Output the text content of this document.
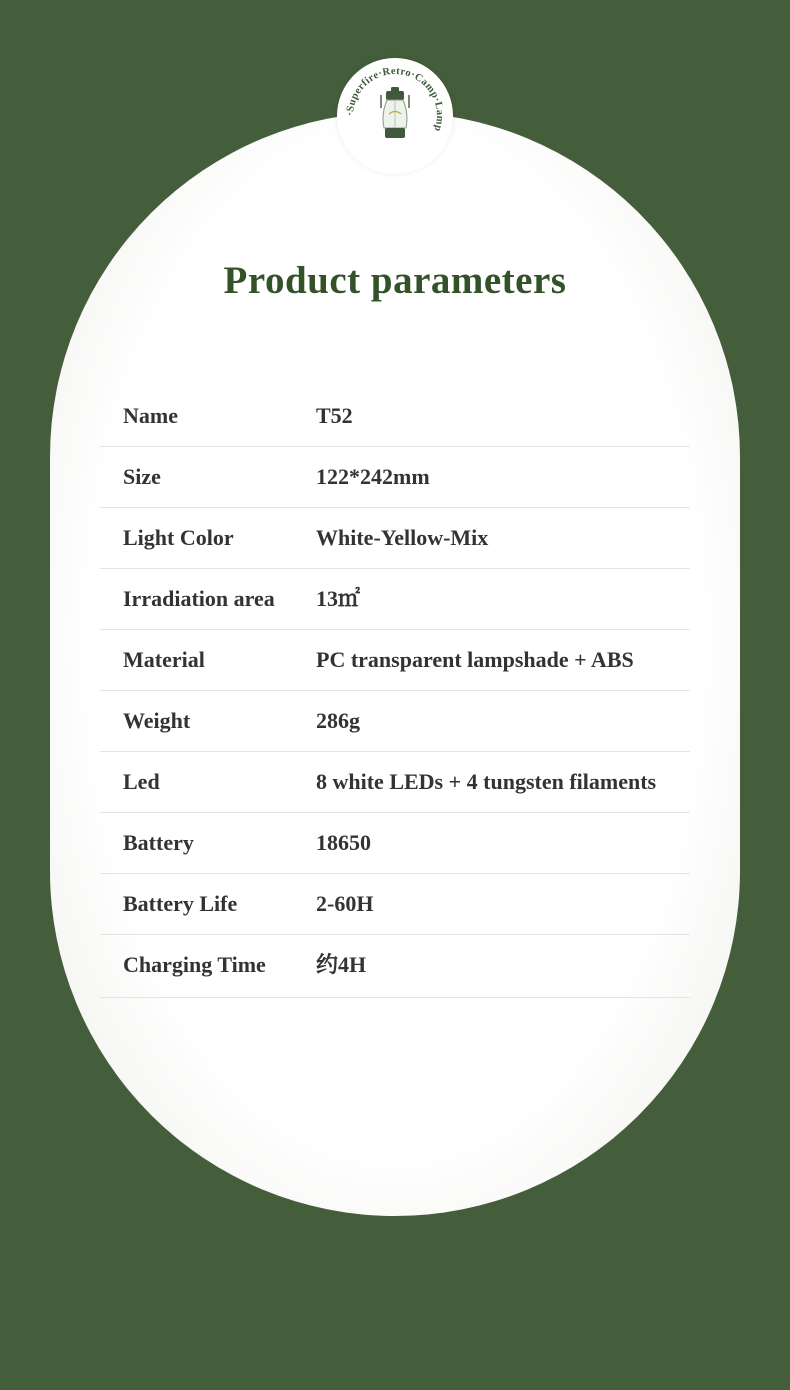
·Superfire·Retro·Camp·Lamp
Product parameters
Name	T52
Size	122*242mm
Light Color	White-Yellow-Mix
Irradiation area 13㎡
Material	PC transparent lampshade + ABS
Weight	286g
Led	8 white LEDs + 4 tungsten filaments
Battery	18650
Battery Life	2-60H
Charging Time 约4H
